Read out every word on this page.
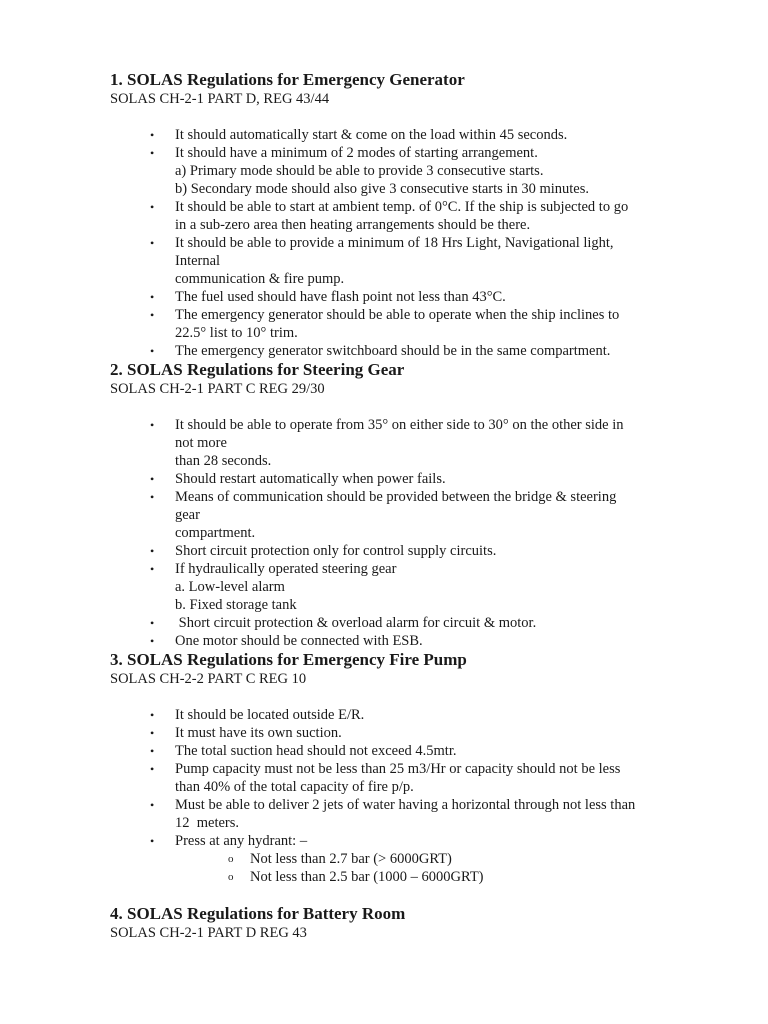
1. SOLAS Regulations for Emergency Generator

SOLAS CH-2-1 PART D, REG 43/44

• It should automatically start & come on the load within 45 seconds.
• It should have a minimum of 2 modes of starting arrangement.
a) Primary mode should be able to provide 3 consecutive starts.
b) Secondary mode should also give 3 consecutive starts in 30 minutes.
• It should be able to start at ambient temp. of 0°C. If the ship is subjected to go
in a sub-zero area then heating arrangements should be there.
• It should be able to provide a minimum of 18 Hrs Light, Navigational light,
Internal
communication & fire pump.
• The fuel used should have flash point not less than 43°C.
• The emergency generator should be able to operate when the ship inclines to
22.5° list to 10° trim.
• The emergency generator switchboard should be in the same compartment.
2. SOLAS Regulations for Steering Gear

SOLAS CH-2-1 PART C REG 29/30

• It should be able to operate from 35° on either side to 30° on the other side in
not more
than 28 seconds.
• Should restart automatically when power fails.
• Means of communication should be provided between the bridge & steering
gear
compartment.
• Short circuit protection only for control supply circuits.
• If hydraulically operated steering gear
a. Low-level alarm
b. Fixed storage tank
•  Short circuit protection & overload alarm for circuit & motor.
• One motor should be connected with ESB.
3. SOLAS Regulations for Emergency Fire Pump

SOLAS CH-2-2 PART C REG 10

• It should be located outside E/R.
• It must have its own suction.
• The total suction head should not exceed 4.5mtr.
• Pump capacity must not be less than 25 m3/Hr or capacity should not be less
than 40% of the total capacity of fire p/p.
• Must be able to deliver 2 jets of water having a horizontal through not less than
12  meters.
• Press at any hydrant: –
o Not less than 2.7 bar (> 6000GRT)
o Not less than 2.5 bar (1000 – 6000GRT)
4. SOLAS Regulations for Battery Room

SOLAS CH-2-1 PART D REG 43
